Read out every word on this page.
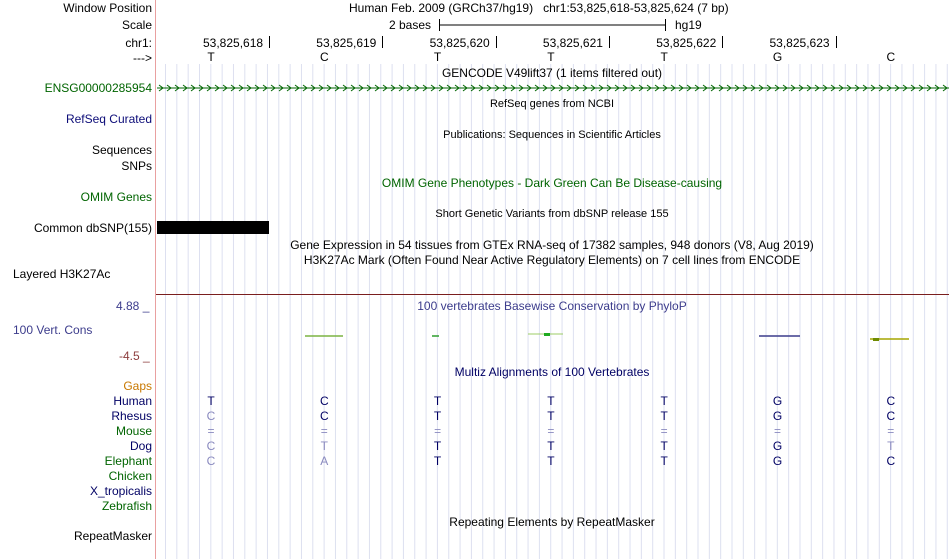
Window Position	Human Feb. 2009 (GRCh37/hg19)   chr1:53,825,618-53,825,624 (7 bp)
Scale	2 bases	hg19
chr1:	53,825,618	53,825,619	53,825,620	53,825,621	53,825,622	53,825,623
--->	T	C	T	T	T	G	C
GENCODE V49lift37 (1 items filtered out)
ENSG00000285954
RefSeq genes from NCBI
RefSeq Curated
Publications: Sequences in Scientific Articles
Sequences
SNPs
OMIM Gene Phenotypes - Dark Green Can Be Disease-causing
OMIM Genes
Short Genetic Variants from dbSNP release 155
Common dbSNP(155)
Gene Expression in 54 tissues from GTEx RNA-seq of 17382 samples, 948 donors (V8, Aug 2019)
H3K27Ac Mark (Often Found Near Active Regulatory Elements) on 7 cell lines from ENCODE
Layered H3K27Ac
100 vertebrates Basewise Conservation by PhyloP
4.88 _
100 Vert. Cons
-4.5 _
Multiz Alignments of 100 Vertebrates
Gaps
Human	T	C	T	T	T	G	C
Rhesus	C	C	T	T	T	G	C
Mouse	=	=	=	=	=	=	=
Dog	C	T	T	T	T	G	T
Elephant	C	A	T	T	T	G	C
Chicken
X_tropicalis
Zebrafish
Repeating Elements by RepeatMasker
RepeatMasker
